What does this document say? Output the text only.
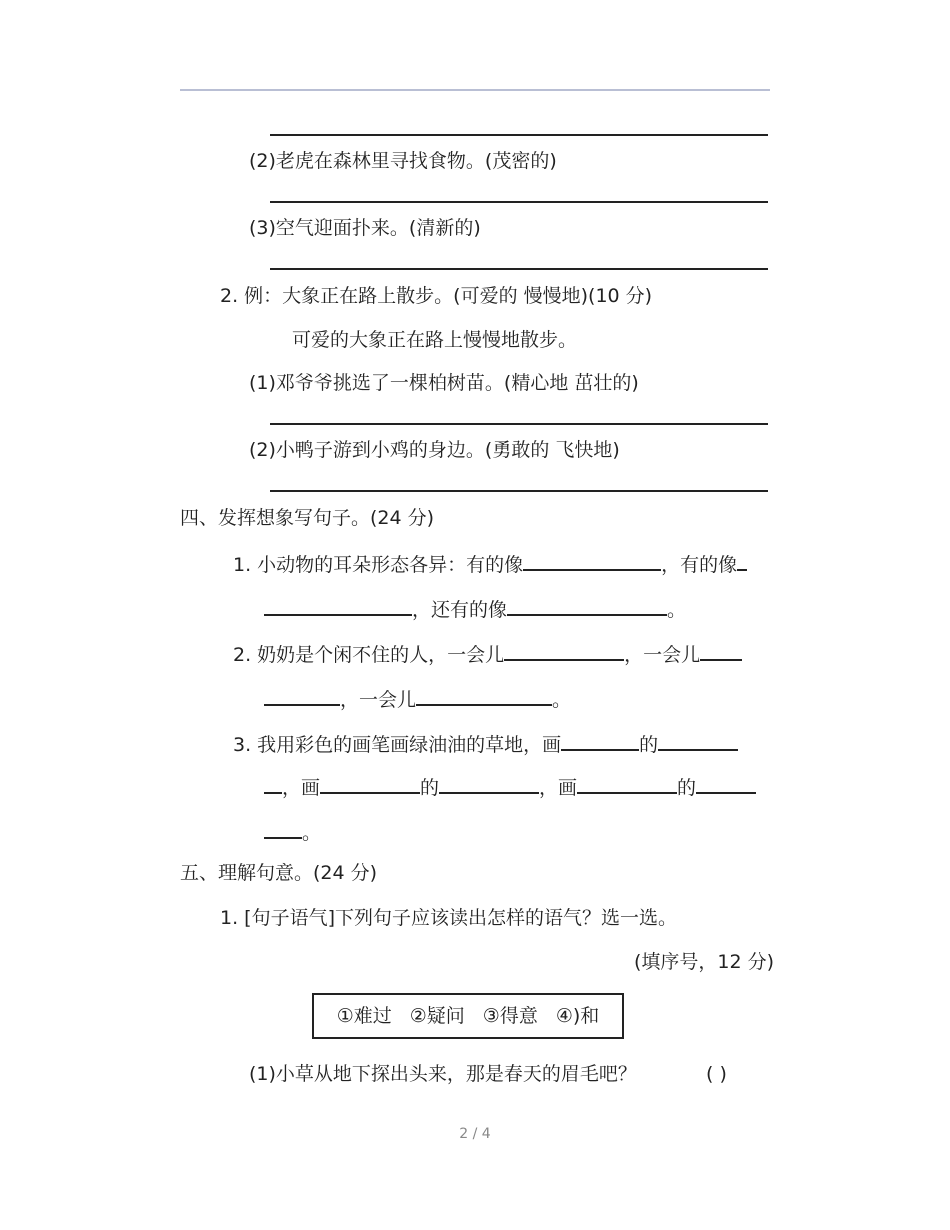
(2)老虎在森林里寻找食物。(茂密的)
(3)空气迎面扑来。(清新的)
2. 例：大象正在路上散步。(可爱的 慢慢地)(10 分)
可爱的大象正在路上慢慢地散步。
(1)邓爷爷挑选了一棵柏树苗。(精心地 茁壮的)
(2)小鸭子游到小鸡的身边。(勇敢的 飞快地)
四、发挥想象写句子。(24 分)
1. 小动物的耳朵形态各异：有的像	，有的像
，还有的像	。
2. 奶奶是个闲不住的人，一会儿	，一会儿
，一会儿	。
3. 我用彩色的画笔画绿油油的草地，画	的
，画	的	，画	的
。
五、理解句意。(24 分)
1. [句子语气]下列句子应该读出怎样的语气？选一选。
(填序号，12 分)
①难过 ②疑问 ③得意 ④)和
(1)小草从地下探出头来，那是春天的眉毛吧？	( )
2 / 4
